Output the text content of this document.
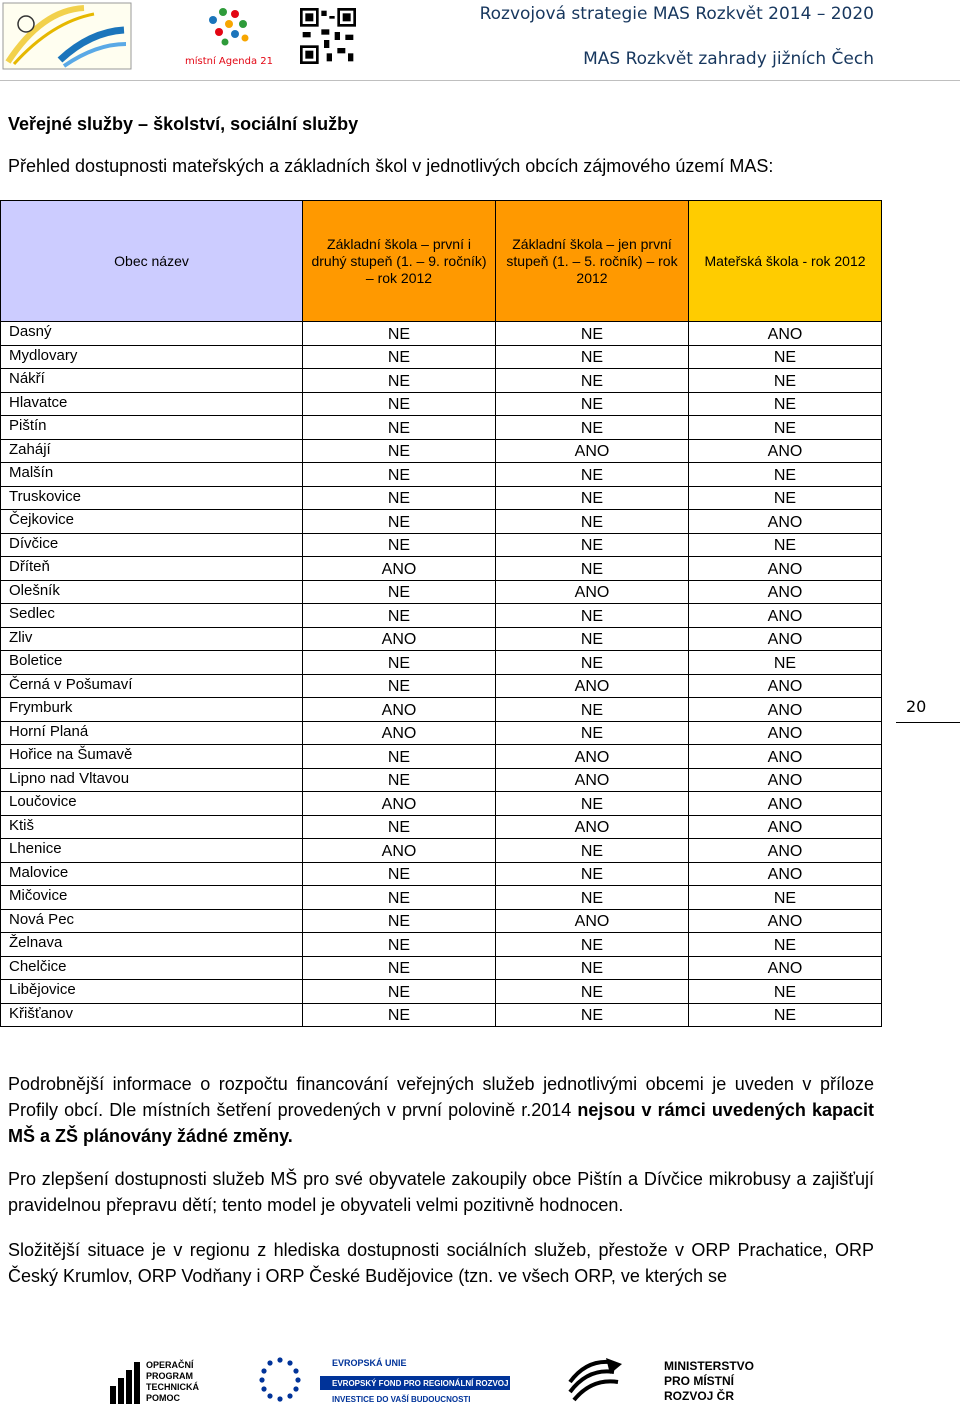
místní Agenda 21
Rozvojová strategie MAS Rozkvět 2014 – 2020
MAS Rozkvět zahrady jižních Čech
Veřejné služby – školství, sociální služby
Přehled dostupnosti mateřských a základních škol v jednotlivých obcích zájmového území MAS:
Obec název	Základní škola – první i druhý stupeň (1. – 9. ročník) – rok 2012	Základní škola – jen první stupeň (1. – 5. ročník) – rok 2012	Mateřská škola - rok 2012
Dasný	NE	NE	ANO
Mydlovary	NE	NE	NE
Nákří	NE	NE	NE
Hlavatce	NE	NE	NE
Pištín	NE	NE	NE
Zahájí	NE	ANO	ANO
Malšín	NE	NE	NE
Truskovice	NE	NE	NE
Čejkovice	NE	NE	ANO
Dívčice	NE	NE	NE
Dříteň	ANO	NE	ANO
Olešník	NE	ANO	ANO
Sedlec	NE	NE	ANO
Zliv	ANO	NE	ANO
Boletice	NE	NE	NE
Černá v Pošumaví	NE	ANO	ANO
Frymburk	ANO	NE	ANO
Horní Planá	ANO	NE	ANO
Hořice na Šumavě	NE	ANO	ANO
Lipno nad Vltavou	NE	ANO	ANO
Loučovice	ANO	NE	ANO
Ktiš	NE	ANO	ANO
Lhenice	ANO	NE	ANO
Malovice	NE	NE	ANO
Mičovice	NE	NE	NE
Nová Pec	NE	ANO	ANO
Želnava	NE	NE	NE
Chelčice	NE	NE	ANO
Libějovice	NE	NE	NE
Křišťanov	NE	NE	NE
20
Podrobnější informace o rozpočtu financování veřejných služeb jednotlivými obcemi je uveden v příloze Profily obcí. Dle místních šetření provedených v první polovině r.2014 nejsou v rámci uvedených kapacit MŠ a ZŠ plánovány žádné změny.
Pro zlepšení dostupnosti služeb MŠ pro své obyvatele zakoupily obce Pištín a Dívčice mikrobusy a zajišťují pravidelnou přepravu dětí; tento model je obyvateli velmi pozitivně hodnocen.
Složitější situace je v regionu z hlediska dostupnosti sociálních služeb, přestože v ORP Prachatice, ORP Český Krumlov, ORP Vodňany i ORP České Budějovice (tzn. ve všech ORP, ve kterých se
OPERAČNÍ
PROGRAM
TECHNICKÁ
POMOC
EVROPSKÁ UNIE
EVROPSKÝ FOND PRO REGIONÁLNÍ ROZVOJ
INVESTICE DO VAŠÍ BUDOUCNOSTI
MINISTERSTVO
PRO MÍSTNÍ
ROZVOJ ČR
